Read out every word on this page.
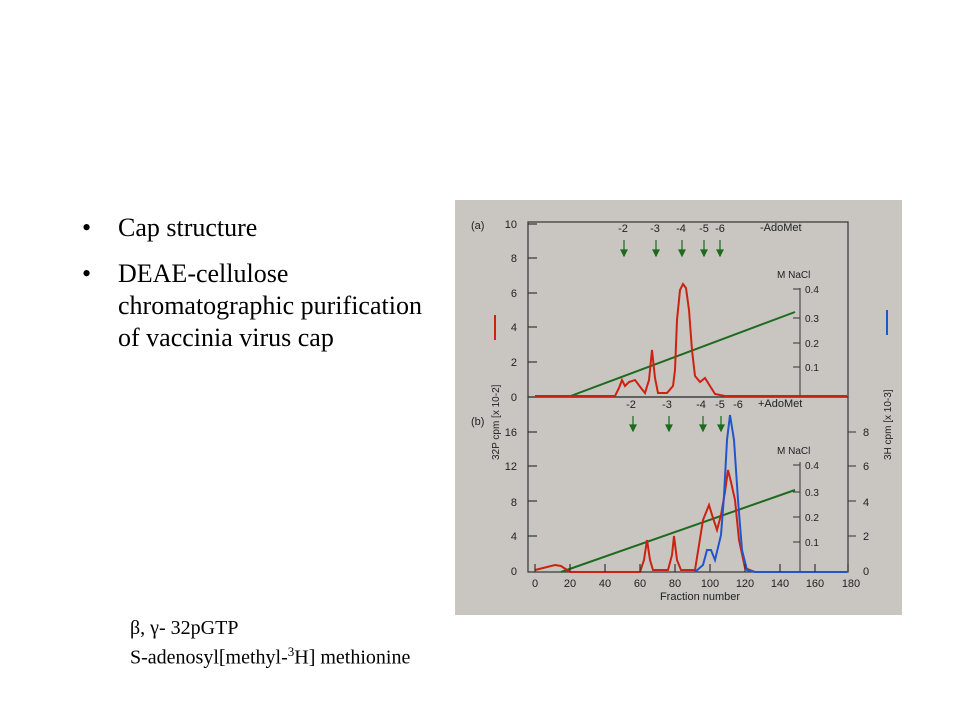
• Cap structure
• DEAE-cellulose chromatographic purification of vaccinia virus cap
(a)	-AdoMet
(b)
+AdoMet
10
8
6
4
2
0
16
12
8
4
0
32P cpm [x 10-2]	3H cpm [x 10-3]
M NaCl
0.4
0.3
0.2
0.1
M NaCl
0.4
0.3
0.2
0.1
8
6
4
2
0
-2 -3 -4 -5 -6
-2 -3 -4 -5 -6
0 20 40 60 80 100 120 140 160 180
Fraction number
β, γ- 32pGTP
S-adenosyl[methyl-$^3$H] methionine
